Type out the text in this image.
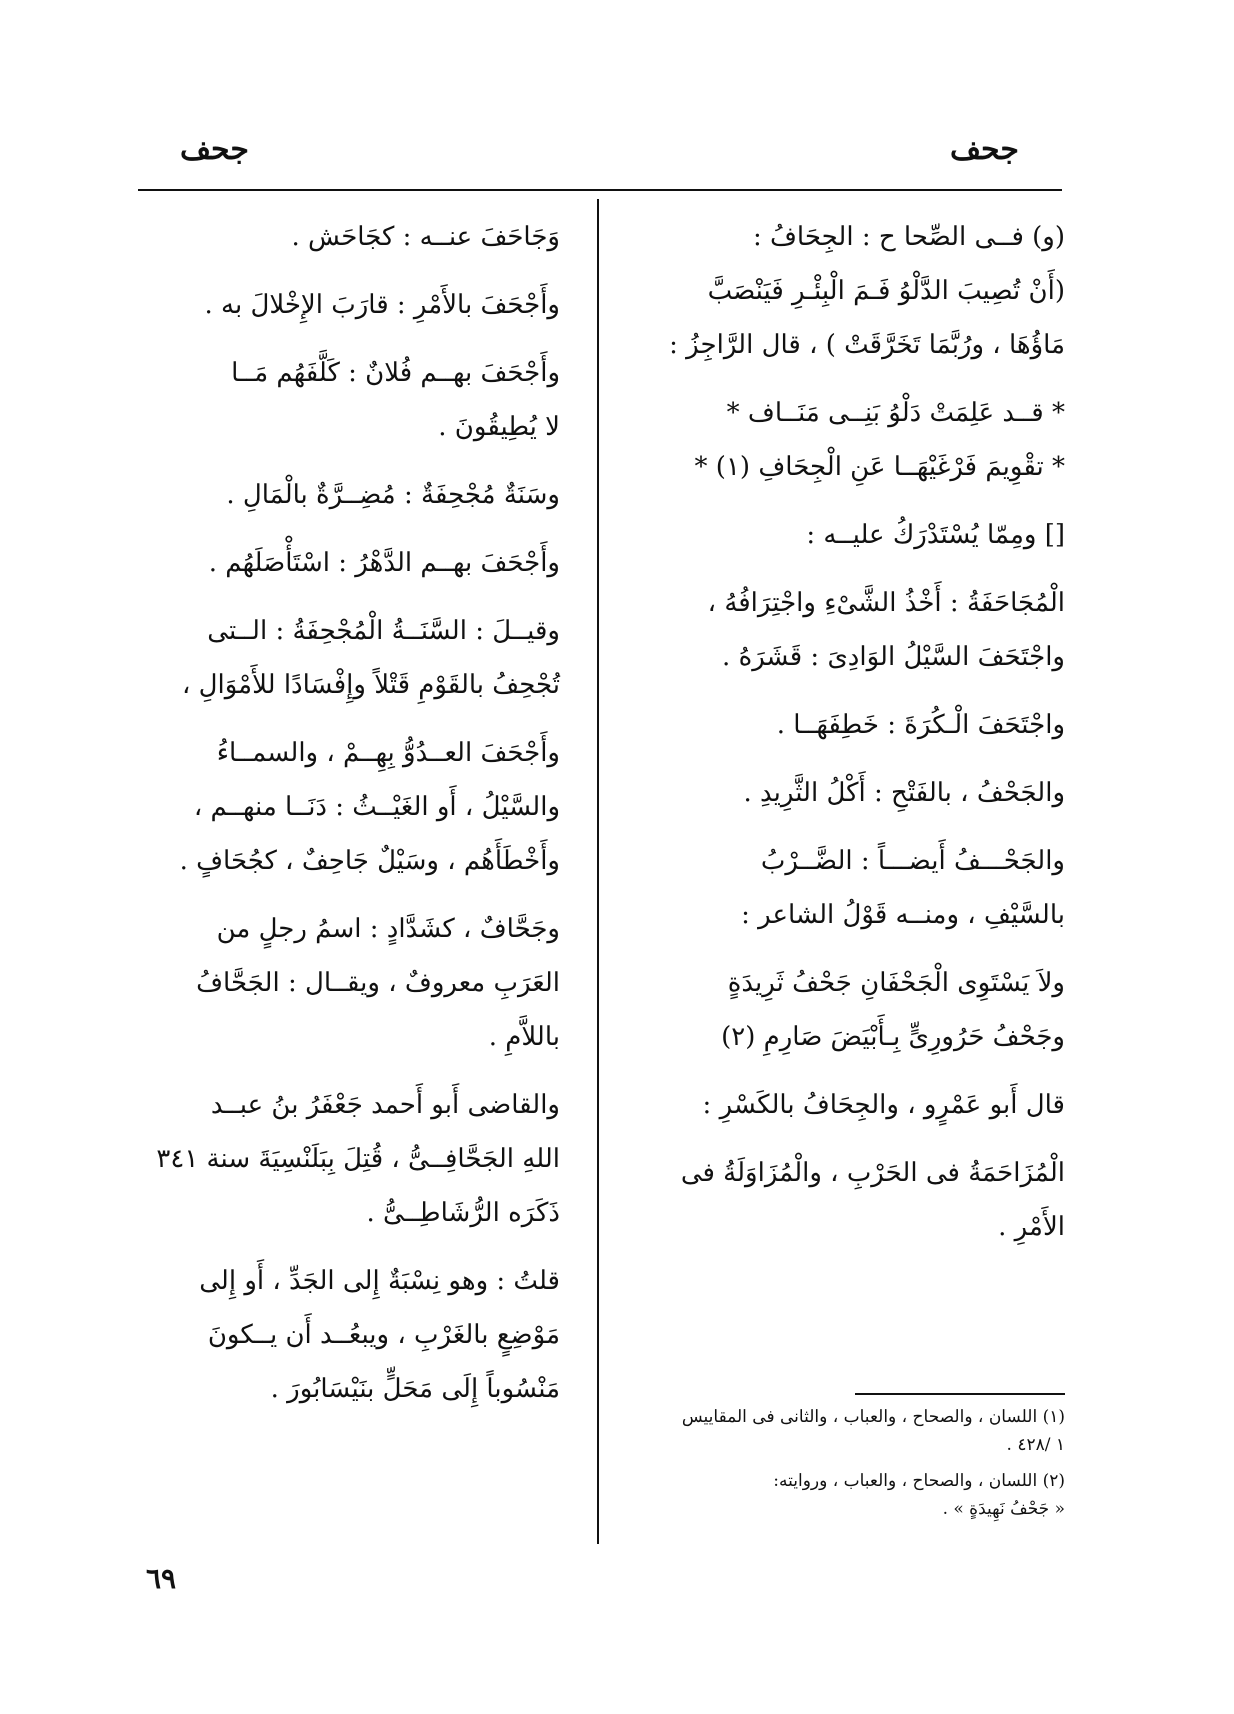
جحف
جحف
(و) فــى الصِّحا ح : الجِحَافُ :
(أَنْ تُصِيبَ الدَّلْوُ فَـمَ الْبِئْـرِ فَيَنْصَبَّ
مَاؤُهَا ، ورُبَّمَا تَخَرَّقَتْ ) ، قال الرَّاجِزُ :
* قــد عَلِمَتْ دَلْوُ بَنِــى مَنَــاف *
* تقْوِيمَ فَرْغَيْهَــا عَنِ الْجِحَافِ (١) *
[] ومِمّا يُسْتَدْرَكُ عليــه :
الْمُجَاحَفَةُ : أَخْذُ الشَّىْءِ واجْتِرَافُهُ ،
واجْتَحَفَ السَّيْلُ الوَادِىَ : قَشَرَهُ .
واجْتَحَفَ الْـكُرَةَ : خَطِفَهَــا .
والجَحْفُ ، بالفَتْحِ : أَكْلُ الثَّرِيدِ .
والجَحْـــفُ أَيضـــاً : الضَّــرْبُ
بالسَّيْفِ ، ومنــه قَوْلُ الشاعر :
ولاَ يَسْتَوِى الْجَحْفَانِ جَحْفُ ثَرِيدَةٍ
وجَحْفُ حَرُورِىٍّ بِـأَبْيَضَ صَارِمِ (٢)
قال أَبو عَمْرٍو ، والجِحَافُ بالكَسْرِ :
الْمُزَاحَمَةُ فى الحَرْبِ ، والْمُزَاوَلَةُ فى
الأَمْرِ .
وَجَاحَفَ عنــه : كجَاحَش .
وأَجْحَفَ بالأَمْرِ : قارَبَ الإِخْلالَ به .
وأَجْحَفَ بهــم فُلانٌ : كَلَّفَهُم مَــا
لا يُطِيقُونَ .
وسَنَةٌ مُجْحِفَةٌ : مُضِــرَّةٌ بالْمَالِ .
وأَجْحَفَ بهــم الدَّهْرُ : اسْتَأْصَلَهُم .
وقيــلَ : السَّنَــةُ الْمُجْحِفَةُ : الــتى
تُجْحِفُ بالقَوْمِ قَتْلاً وإِفْسَادًا للأَمْوَالِ ،
وأَجْحَفَ العــدُوُّ بِهِــمْ ، والسمــاءُ
والسَّيْلُ ، أَو الغَيْــثُ : دَنَــا منهــم ،
وأَخْطَأَهُم ، وسَيْلٌ جَاحِفٌ ، كجُحَافٍ .
وجَحَّافٌ ، كشَدَّادٍ : اسمُ رجلٍ من
العَرَبِ معروفٌ ، ويقــال : الجَحَّافُ
باللاَّمِ .
والقاضى أَبو أَحمد جَعْفَرُ بنُ عبــد
اللهِ الجَحَّافِــىُّ ، قُتِلَ بِبَلَنْسِيَةَ سنة ٣٤١
ذَكَرَه الرُّشَاطِــىُّ .
قلتُ : وهو نِسْبَةٌ إِلى الجَدِّ ، أَو إِلى
مَوْضِعٍ بالغَرْبِ ، ويبعُــد أَن يــكونَ
مَنْسُوباً إِلَى مَحَلٍّ بنَيْسَابُورَ .
(١) اللسان ، والصحاح ، والعباب ، والثانى فى المقاييس
١ /٤٢٨ .
(٢) اللسان ، والصحاح ، والعباب ، وروايته:
« جَحْفُ نَهِيدَةٍ » .
٦٩
